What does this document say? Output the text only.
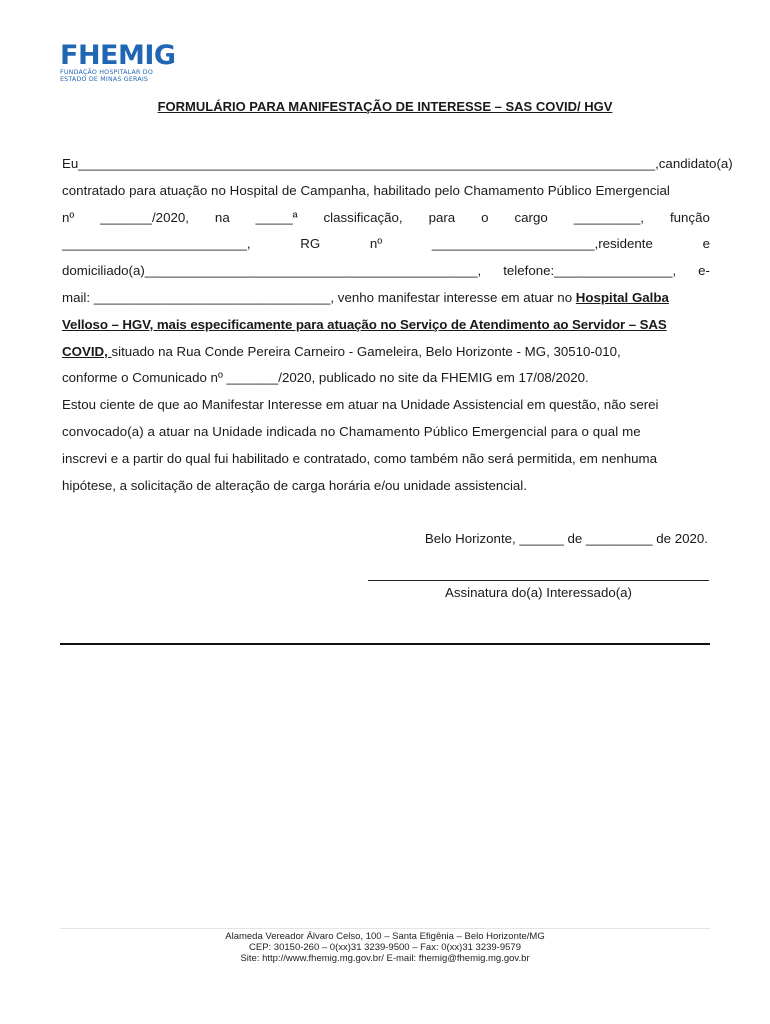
FHEMIG
FUNDAÇÃO HOSPITALAR DO
ESTADO DE MINAS GERAIS
FORMULÁRIO PARA MANIFESTAÇÃO DE INTERESSE – SAS COVID/ HGV
Eu______________________________________________________________________________, candidato(a)
contratado para atuação no Hospital de Campanha, habilitado pelo Chamamento Público Emergencial
nº _______/2020, na _____ª classificação, para o cargo _________, função
_________________________,	RG	nº	______________________,residente	e
domiciliado(a)_____________________________________________, telefone:________________, e-
mail: ________________________________, venho manifestar interesse em atuar no Hospital Galba
Velloso – HGV, mais especificamente para atuação no Serviço de Atendimento ao Servidor – SAS
COVID, situado na Rua Conde Pereira Carneiro - Gameleira, Belo Horizonte - MG, 30510-010,
conforme o Comunicado nº _______/2020, publicado no site da FHEMIG em 17/08/2020.
Estou ciente de que ao Manifestar Interesse em atuar na Unidade Assistencial em questão, não serei
convocado(a) a atuar na Unidade indicada no Chamamento Público Emergencial para o qual me
inscrevi e a partir do qual fui habilitado e contratado, como também não será permitida, em nenhuma
hipótese, a solicitação de alteração de carga horária e/ou unidade assistencial.
Belo Horizonte, ______ de _________ de 2020.
Assinatura do(a) Interessado(a)
Alameda Vereador Álvaro Celso, 100 – Santa Efigênia – Belo Horizonte/MG
CEP: 30150-260 – 0(xx)31 3239-9500 – Fax: 0(xx)31 3239-9579
Site: http://www.fhemig.mg.gov.br/ E-mail: fhemig@fhemig.mg.gov.br
